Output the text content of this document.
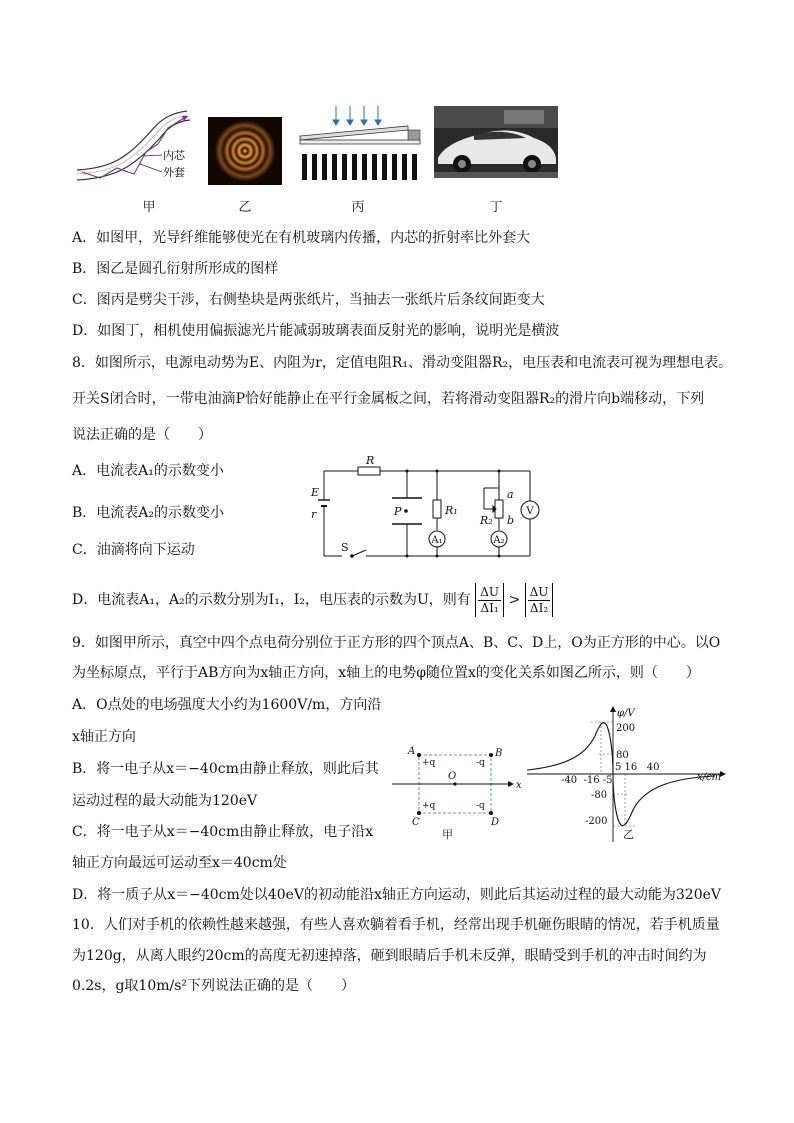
内芯
外套
甲	乙	丙	丁
A．如图甲，光导纤维能够使光在有机玻璃内传播，内芯的折射率比外套大
B．图乙是圆孔衍射所形成的图样
C．图丙是劈尖干涉，右侧垫块是两张纸片，当抽去一张纸片后条纹间距变大
D．如图丁，相机使用偏振滤光片能减弱玻璃表面反射光的影响，说明光是横波
8．如图所示，电源电动势为E、内阻为r，定值电阻R₁、滑动变阻器R₂，电压表和电流表可视为理想电表。
开关S闭合时，一带电油滴P恰好能静止在平行金属板之间，若将滑动变阻器R₂的滑片向b端移动，下列
说法正确的是（　　）
A．电流表A₁的示数变小
B．电流表A₂的示数变小
C．油滴将向下运动
D．电流表A₁，A₂的示数分别为I₁，I₂，电压表的示数为U，则有 $\frac{\Delta U}{\text{ΔI₁}} > \frac{\Delta U}{\text{ΔI₂}}$
R
E
r	P	R₁
R₂
a
b
S
V
A₁	A₂
9．如图甲所示，真空中四个点电荷分别位于正方形的四个顶点A、B、C、D上，O为正方形的中心。以O
为坐标原点，平行于AB方向为x轴正方向，x轴上的电势φ随位置x的变化关系如图乙所示，则（　　）
A．O点处的电场强度大小约为1600V/m，方向沿
x轴正方向
B．将一电子从x＝−40cm由静止释放，则此后其
运动过程的最大动能为120eV
C．将一电子从x＝−40cm由静止释放，电子沿x
轴正方向最远可运动至x＝40cm处
D．将一质子从x＝−40cm处以40eV的初动能沿x轴正方向运动，则此后其运动过程的最大动能为320eV
A	B
C	D
O
x
+q	-q
+q	-q
甲
φ/V
x/cm
200
80
-80
-200
-40  -16 -5
5 16   40
乙
10．人们对手机的依赖性越来越强，有些人喜欢躺着看手机，经常出现手机砸伤眼睛的情况，若手机质量
为120g，从离人眼约20cm的高度无初速掉落，砸到眼睛后手机未反弹，眼睛受到手机的冲击时间约为
0.2s，g取10m/s²下列说法正确的是（　　）
